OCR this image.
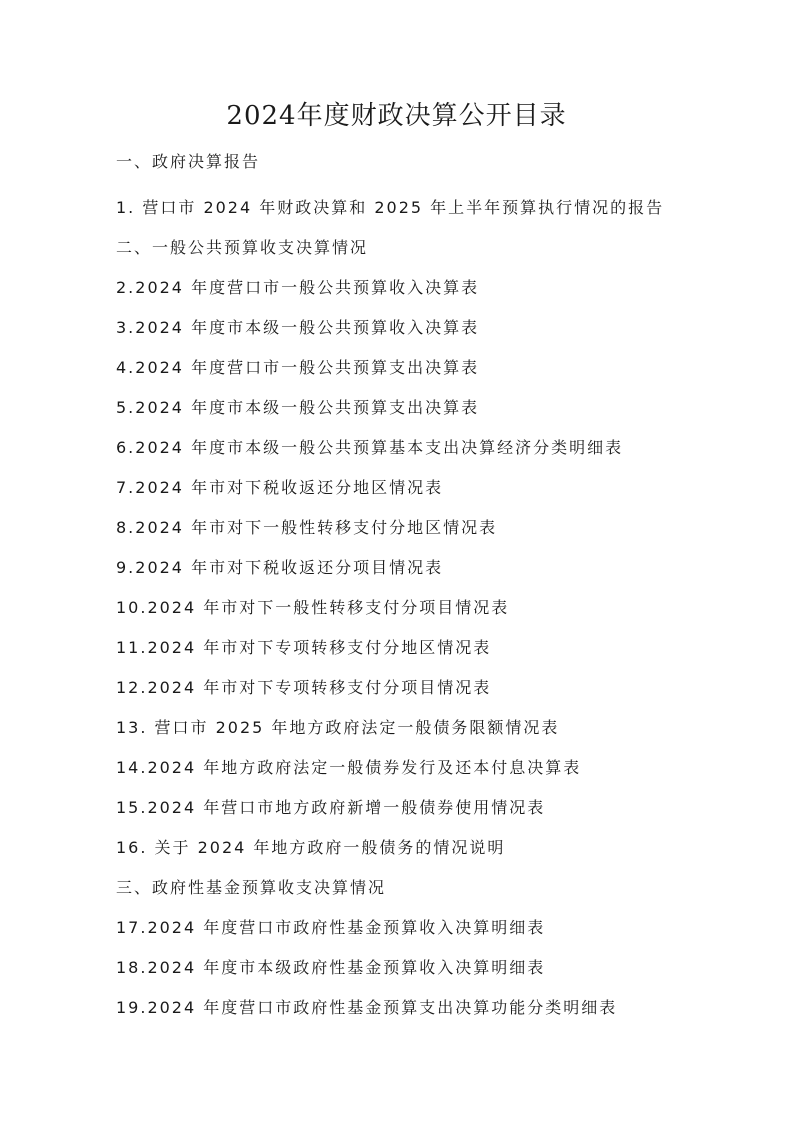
2024年度财政决算公开目录
一、政府决算报告
1. 营口市 2024 年财政决算和 2025 年上半年预算执行情况的报告
二、一般公共预算收支决算情况
2.2024 年度营口市一般公共预算收入决算表
3.2024 年度市本级一般公共预算收入决算表
4.2024 年度营口市一般公共预算支出决算表
5.2024 年度市本级一般公共预算支出决算表
6.2024 年度市本级一般公共预算基本支出决算经济分类明细表
7.2024 年市对下税收返还分地区情况表
8.2024 年市对下一般性转移支付分地区情况表
9.2024 年市对下税收返还分项目情况表
10.2024 年市对下一般性转移支付分项目情况表
11.2024 年市对下专项转移支付分地区情况表
12.2024 年市对下专项转移支付分项目情况表
13. 营口市 2025 年地方政府法定一般债务限额情况表
14.2024 年地方政府法定一般债券发行及还本付息决算表
15.2024 年营口市地方政府新增一般债券使用情况表
16. 关于 2024 年地方政府一般债务的情况说明
三、政府性基金预算收支决算情况
17.2024 年度营口市政府性基金预算收入决算明细表
18.2024 年度市本级政府性基金预算收入决算明细表
19.2024 年度营口市政府性基金预算支出决算功能分类明细表
